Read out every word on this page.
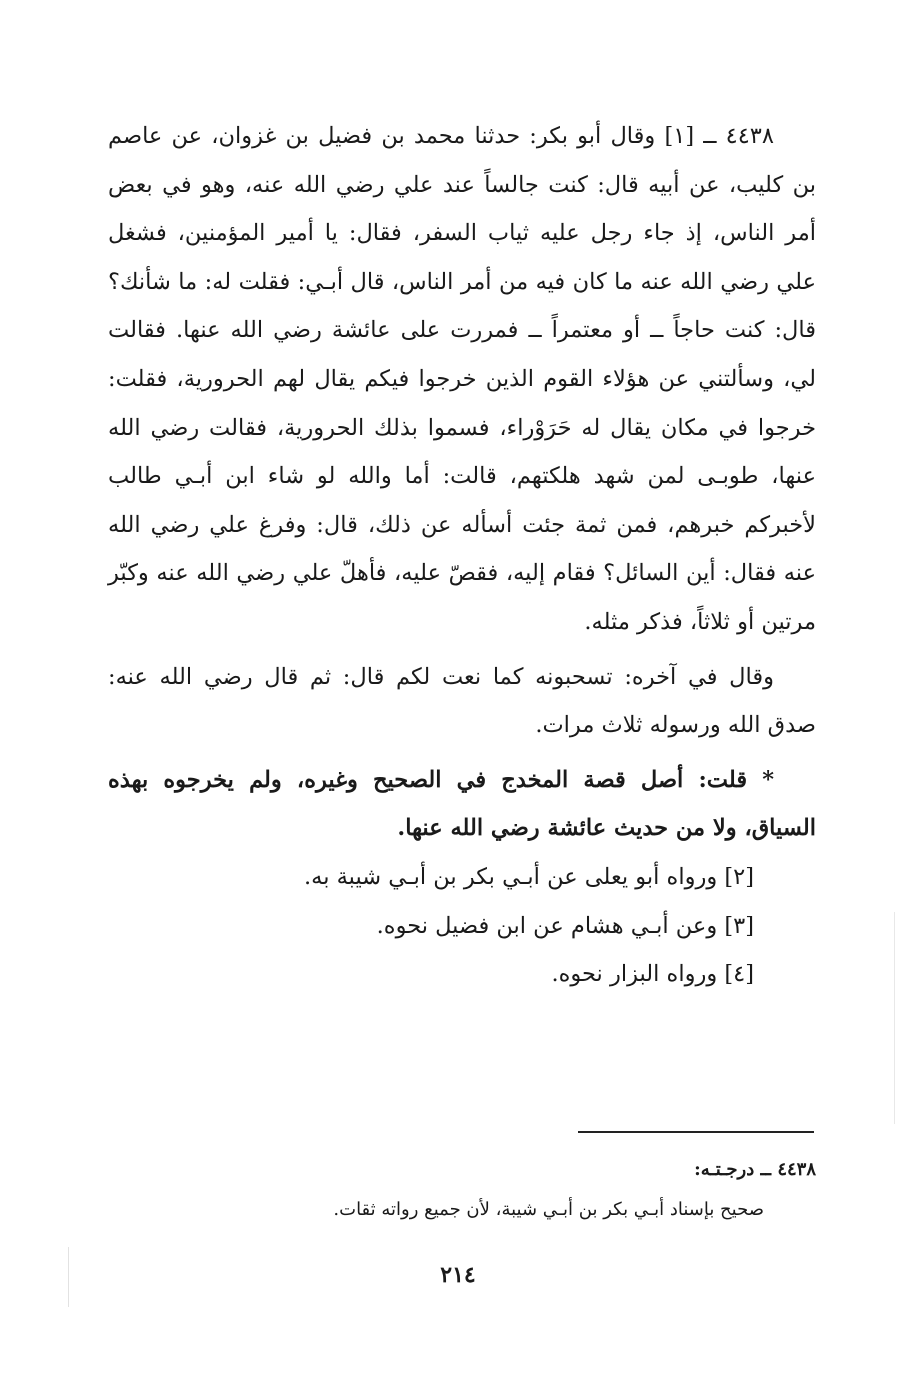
٤٤٣٨ ــ [١] وقال أبو بكر: حدثنا محمد بن فضيل بن غزوان، عن عاصم بن كليب، عن أبيه قال: كنت جالساً عند علي رضي الله عنه، وهو في بعض أمر الناس، إذ جاء رجل عليه ثياب السفر، فقال: يا أمير المؤمنين، فشغل علي رضي الله عنه ما كان فيه من أمر الناس، قال أبـي: فقلت له: ما شأنك؟ قال: كنت حاجاً ــ أو معتمراً ــ فمررت على عائشة رضي الله عنها. فقالت لي، وسألتني عن هؤلاء القوم الذين خرجوا فيكم يقال لهم الحرورية، فقلت: خرجوا في مكان يقال له حَرَوْراء، فسموا بذلك الحرورية، فقالت رضي الله عنها، طوبـى لمن شهد هلكتهم، قالت: أما والله لو شاء ابن أبـي طالب لأخبركم خبرهم، فمن ثمة جئت أسأله عن ذلك، قال: وفرغ علي رضي الله عنه فقال: أين السائل؟ فقام إليه، فقصّ عليه، فأهلّ علي رضي الله عنه وكبّر مرتين أو ثلاثاً، فذكر مثله.

وقال في آخره: تسحبونه كما نعت لكم قال: ثم قال رضي الله عنه: صدق الله ورسوله ثلاث مرات.

* قلت: أصل قصة المخدج في الصحيح وغيره، ولم يخرجوه بهذه السياق، ولا من حديث عائشة رضي الله عنها.

[٢] ورواه أبو يعلى عن أبـي بكر بن أبـي شيبة به.

[٣] وعن أبـي هشام عن ابن فضيل نحوه.

[٤] ورواه البزار نحوه.

٤٤٣٨ ــ درجـتـه:
صحيح بإسناد أبـي بكر بن أبـي شيبة، لأن جميع رواته ثقات.
٢١٤
